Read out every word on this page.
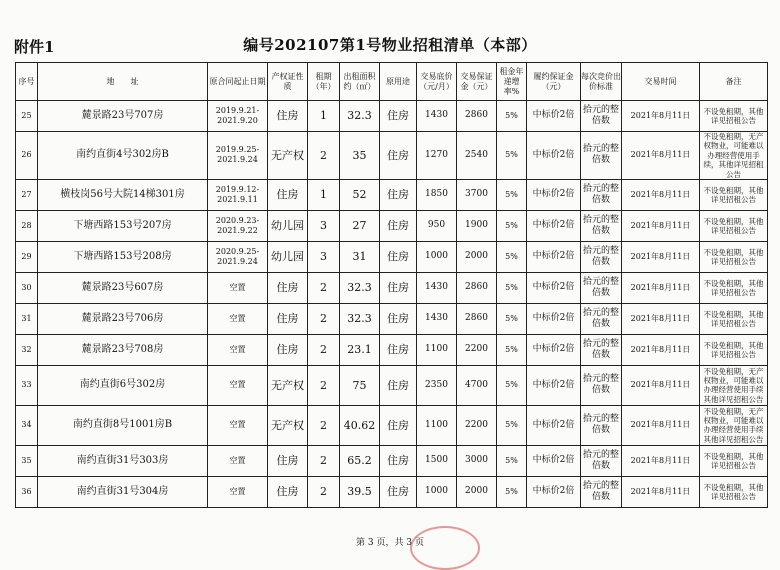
附件1	编号202107第1号物业招租清单（本部）
序号	地　　址	原合同起止日期	产权证性质	租期（年）	出租面积约（㎡）	原用途	交易底价（元/月）	交易保证金（元）	租金年递增率%	履约保证金（元）	每次竞价出价标准	交易时间	备注
25	麓景路23号707房	2019.9.21-2021.9.20	住房	1	32.3	住房	1430	2860	5%	中标价2倍	拾元的整倍数	2021年8月11日	不设免租期，其他详见招租公告
26	南约直街4号302房B	2019.9.25-2021.9.24	无产权	2	35	住房	1270	2540	5%	中标价2倍	拾元的整倍数	2021年8月11日	不设免租期，无产权物业，可能难以办理经营使用手续，其他详见招租公告
27	横枝岗56号大院14梯301房	2019.9.12-2021.9.11	住房	1	52	住房	1850	3700	5%	中标价2倍	拾元的整倍数	2021年8月11日	不设免租期，其他详见招租公告
28	下塘西路153号207房	2020.9.23-2021.9.22	幼儿园	3	27	住房	950	1900	5%	中标价2倍	拾元的整倍数	2021年8月11日	不设免租期，其他详见招租公告
29	下塘西路153号208房	2020.9.25-2021.9.24	幼儿园	3	31	住房	1000	2000	5%	中标价2倍	拾元的整倍数	2021年8月11日	不设免租期，其他详见招租公告
30	麓景路23号607房	空置	住房	2	32.3	住房	1430	2860	5%	中标价2倍	拾元的整倍数	2021年8月11日	不设免租期，其他详见招租公告
31	麓景路23号706房	空置	住房	2	32.3	住房	1430	2860	5%	中标价2倍	拾元的整倍数	2021年8月11日	不设免租期，其他详见招租公告
32	麓景路23号708房	空置	住房	2	23.1	住房	1100	2200	5%	中标价2倍	拾元的整倍数	2021年8月11日	不设免租期，其他详见招租公告
33	南约直街6号302房	空置	无产权	2	75	住房	2350	4700	5%	中标价2倍	拾元的整倍数	2021年8月11日	不设免租期，无产权物业，可能难以办理经营使用手续其他详见招租公告
34	南约直街8号1001房B	空置	无产权	2	40.62	住房	1100	2200	5%	中标价2倍	拾元的整倍数	2021年8月11日	不设免租期，无产权物业，可能难以办理经营使用手续其他详见招租公告
35	南约直街31号303房	空置	住房	2	65.2	住房	1500	3000	5%	中标价2倍	拾元的整倍数	2021年8月11日	不设免租期，其他详见招租公告
36	南约直街31号304房	空置	住房	2	39.5	住房	1000	2000	5%	中标价2倍	拾元的整倍数	2021年8月11日	不设免租期，其他详见招租公告
第 3 页，共 3 页
